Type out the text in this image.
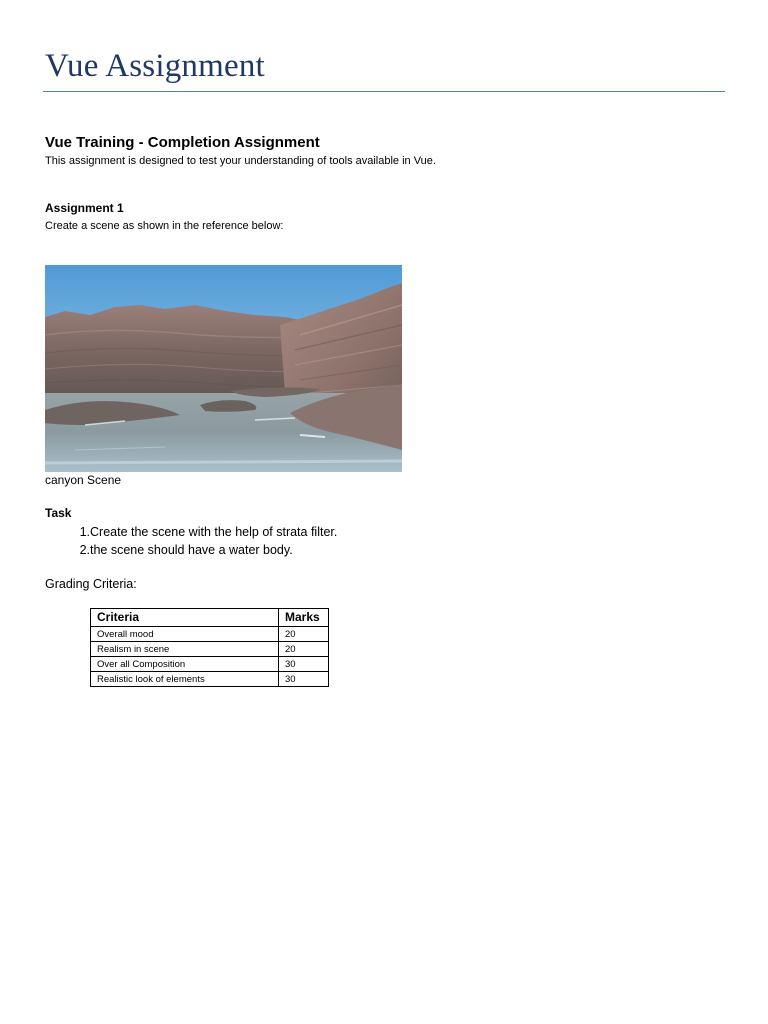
Vue Assignment
Vue Training - Completion Assignment
This assignment is designed to test your understanding of tools available in Vue.
Assignment 1
Create a scene as shown in the reference below:
canyon Scene
Task
1. Create the scene with the help of strata filter.
2. the scene should have a water body.
Grading Criteria:
Criteria	Marks
Overall mood	20
Realism in scene	20
Over all Composition	30
Realistic look of elements	30
